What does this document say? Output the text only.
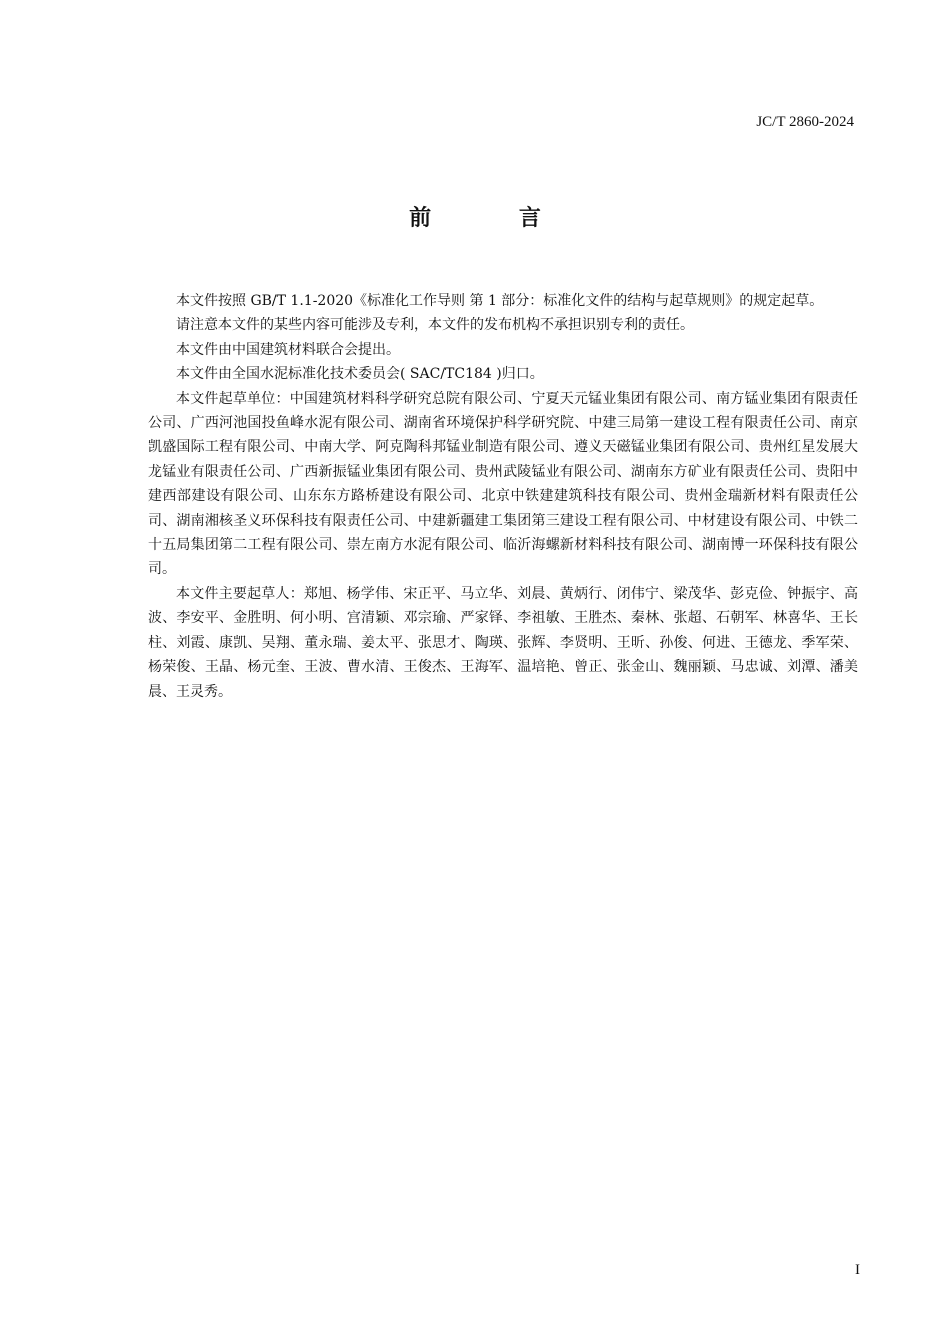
JC/T 2860-2024
前 言

本文件按照 GB/T 1.1-2020《标准化工作导则 第 1 部分：标准化文件的结构与起草规则》的规定起草。

请注意本文件的某些内容可能涉及专利，本文件的发布机构不承担识别专利的责任。

本文件由中国建筑材料联合会提出。

本文件由全国水泥标准化技术委员会( SAC/TC184 )归口。

本文件起草单位：中国建筑材料科学研究总院有限公司、宁夏天元锰业集团有限公司、南方锰业集团有限责任公司、广西河池国投鱼峰水泥有限公司、湖南省环境保护科学研究院、中建三局第一建设工程有限责任公司、南京凯盛国际工程有限公司、中南大学、阿克陶科邦锰业制造有限公司、遵义天磁锰业集团有限公司、贵州红星发展大龙锰业有限责任公司、广西新振锰业集团有限公司、贵州武陵锰业有限公司、湖南东方矿业有限责任公司、贵阳中建西部建设有限公司、山东东方路桥建设有限公司、北京中铁建建筑科技有限公司、贵州金瑞新材料有限责任公司、湖南湘核圣义环保科技有限责任公司、中建新疆建工集团第三建设工程有限公司、中材建设有限公司、中铁二十五局集团第二工程有限公司、崇左南方水泥有限公司、临沂海螺新材料科技有限公司、湖南博一环保科技有限公司。

本文件主要起草人：郑旭、杨学伟、宋正平、马立华、刘晨、黄炳行、闭伟宁、梁茂华、彭克俭、钟振宇、高波、李安平、金胜明、何小明、宫清颖、邓宗瑜、严家铎、李祖敏、王胜杰、秦林、张超、石朝军、林喜华、王长柱、刘霞、康凯、吴翔、董永瑞、姜太平、张思才、陶瑛、张辉、李贤明、王昕、孙俊、何进、王德龙、季军荣、杨荣俊、王晶、杨元奎、王波、曹水清、王俊杰、王海军、温培艳、曾正、张金山、魏丽颖、马忠诚、刘潭、潘美晨、王灵秀。

I
